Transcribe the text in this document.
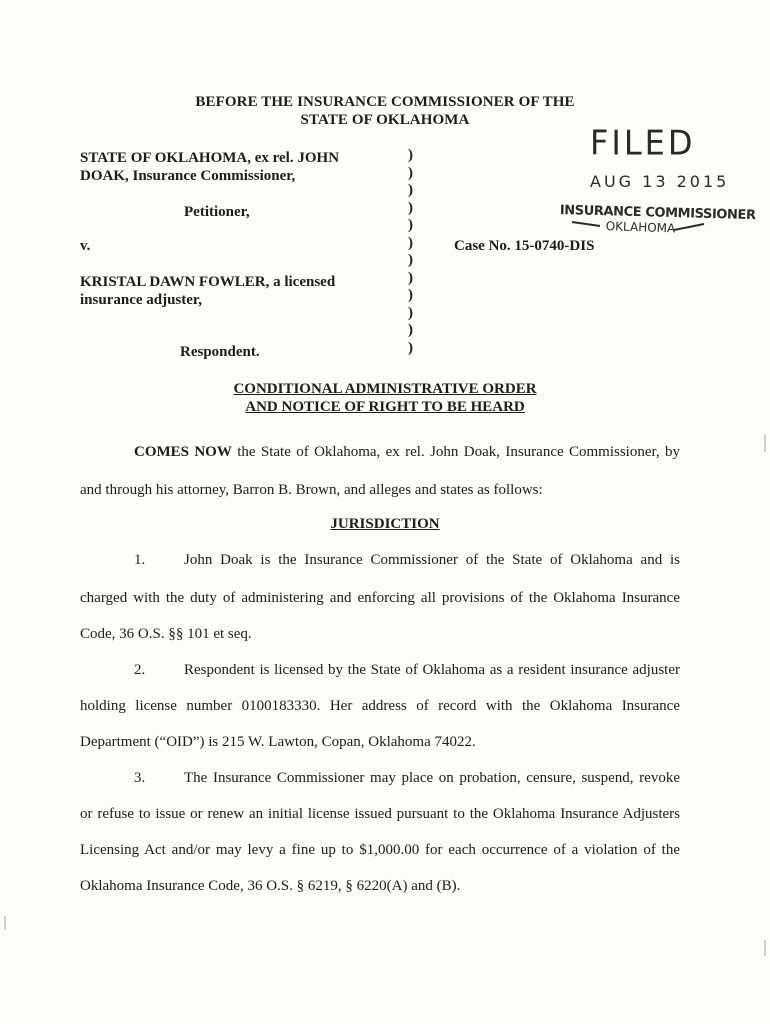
BEFORE THE INSURANCE COMMISSIONER OF THE
STATE OF OKLAHOMA
STATE OF OKLAHOMA, ex rel. JOHN
DOAK, Insurance Commissioner,
Petitioner,
v.
KRISTAL DAWN FOWLER, a licensed
insurance adjuster,
Respondent.
)
)
)
)
)
)
)
)
)
)
)
)
Case No. 15-0740-DIS
FILED
AUG 13 2015
INSURANCE COMMISSIONER
OKLAHOMA
CONDITIONAL ADMINISTRATIVE ORDER
AND NOTICE OF RIGHT TO BE HEARD
COMES NOW the State of Oklahoma, ex rel. John Doak, Insurance Commissioner, by
and through his attorney, Barron B. Brown, and alleges and states as follows:
JURISDICTION
1.	John Doak is the Insurance Commissioner of the State of Oklahoma and is
charged with the duty of administering and enforcing all provisions of the Oklahoma Insurance
Code, 36 O.S. §§ 101 et seq.
2.	Respondent is licensed by the State of Oklahoma as a resident insurance adjuster
holding license number 0100183330. Her address of record with the Oklahoma Insurance
Department (“OID”) is 215 W. Lawton, Copan, Oklahoma 74022.
3.	The Insurance Commissioner may place on probation, censure, suspend, revoke
or refuse to issue or renew an initial license issued pursuant to the Oklahoma Insurance Adjusters
Licensing Act and/or may levy a fine up to $1,000.00 for each occurrence of a violation of the
Oklahoma Insurance Code, 36 O.S. § 6219, § 6220(A) and (B).
